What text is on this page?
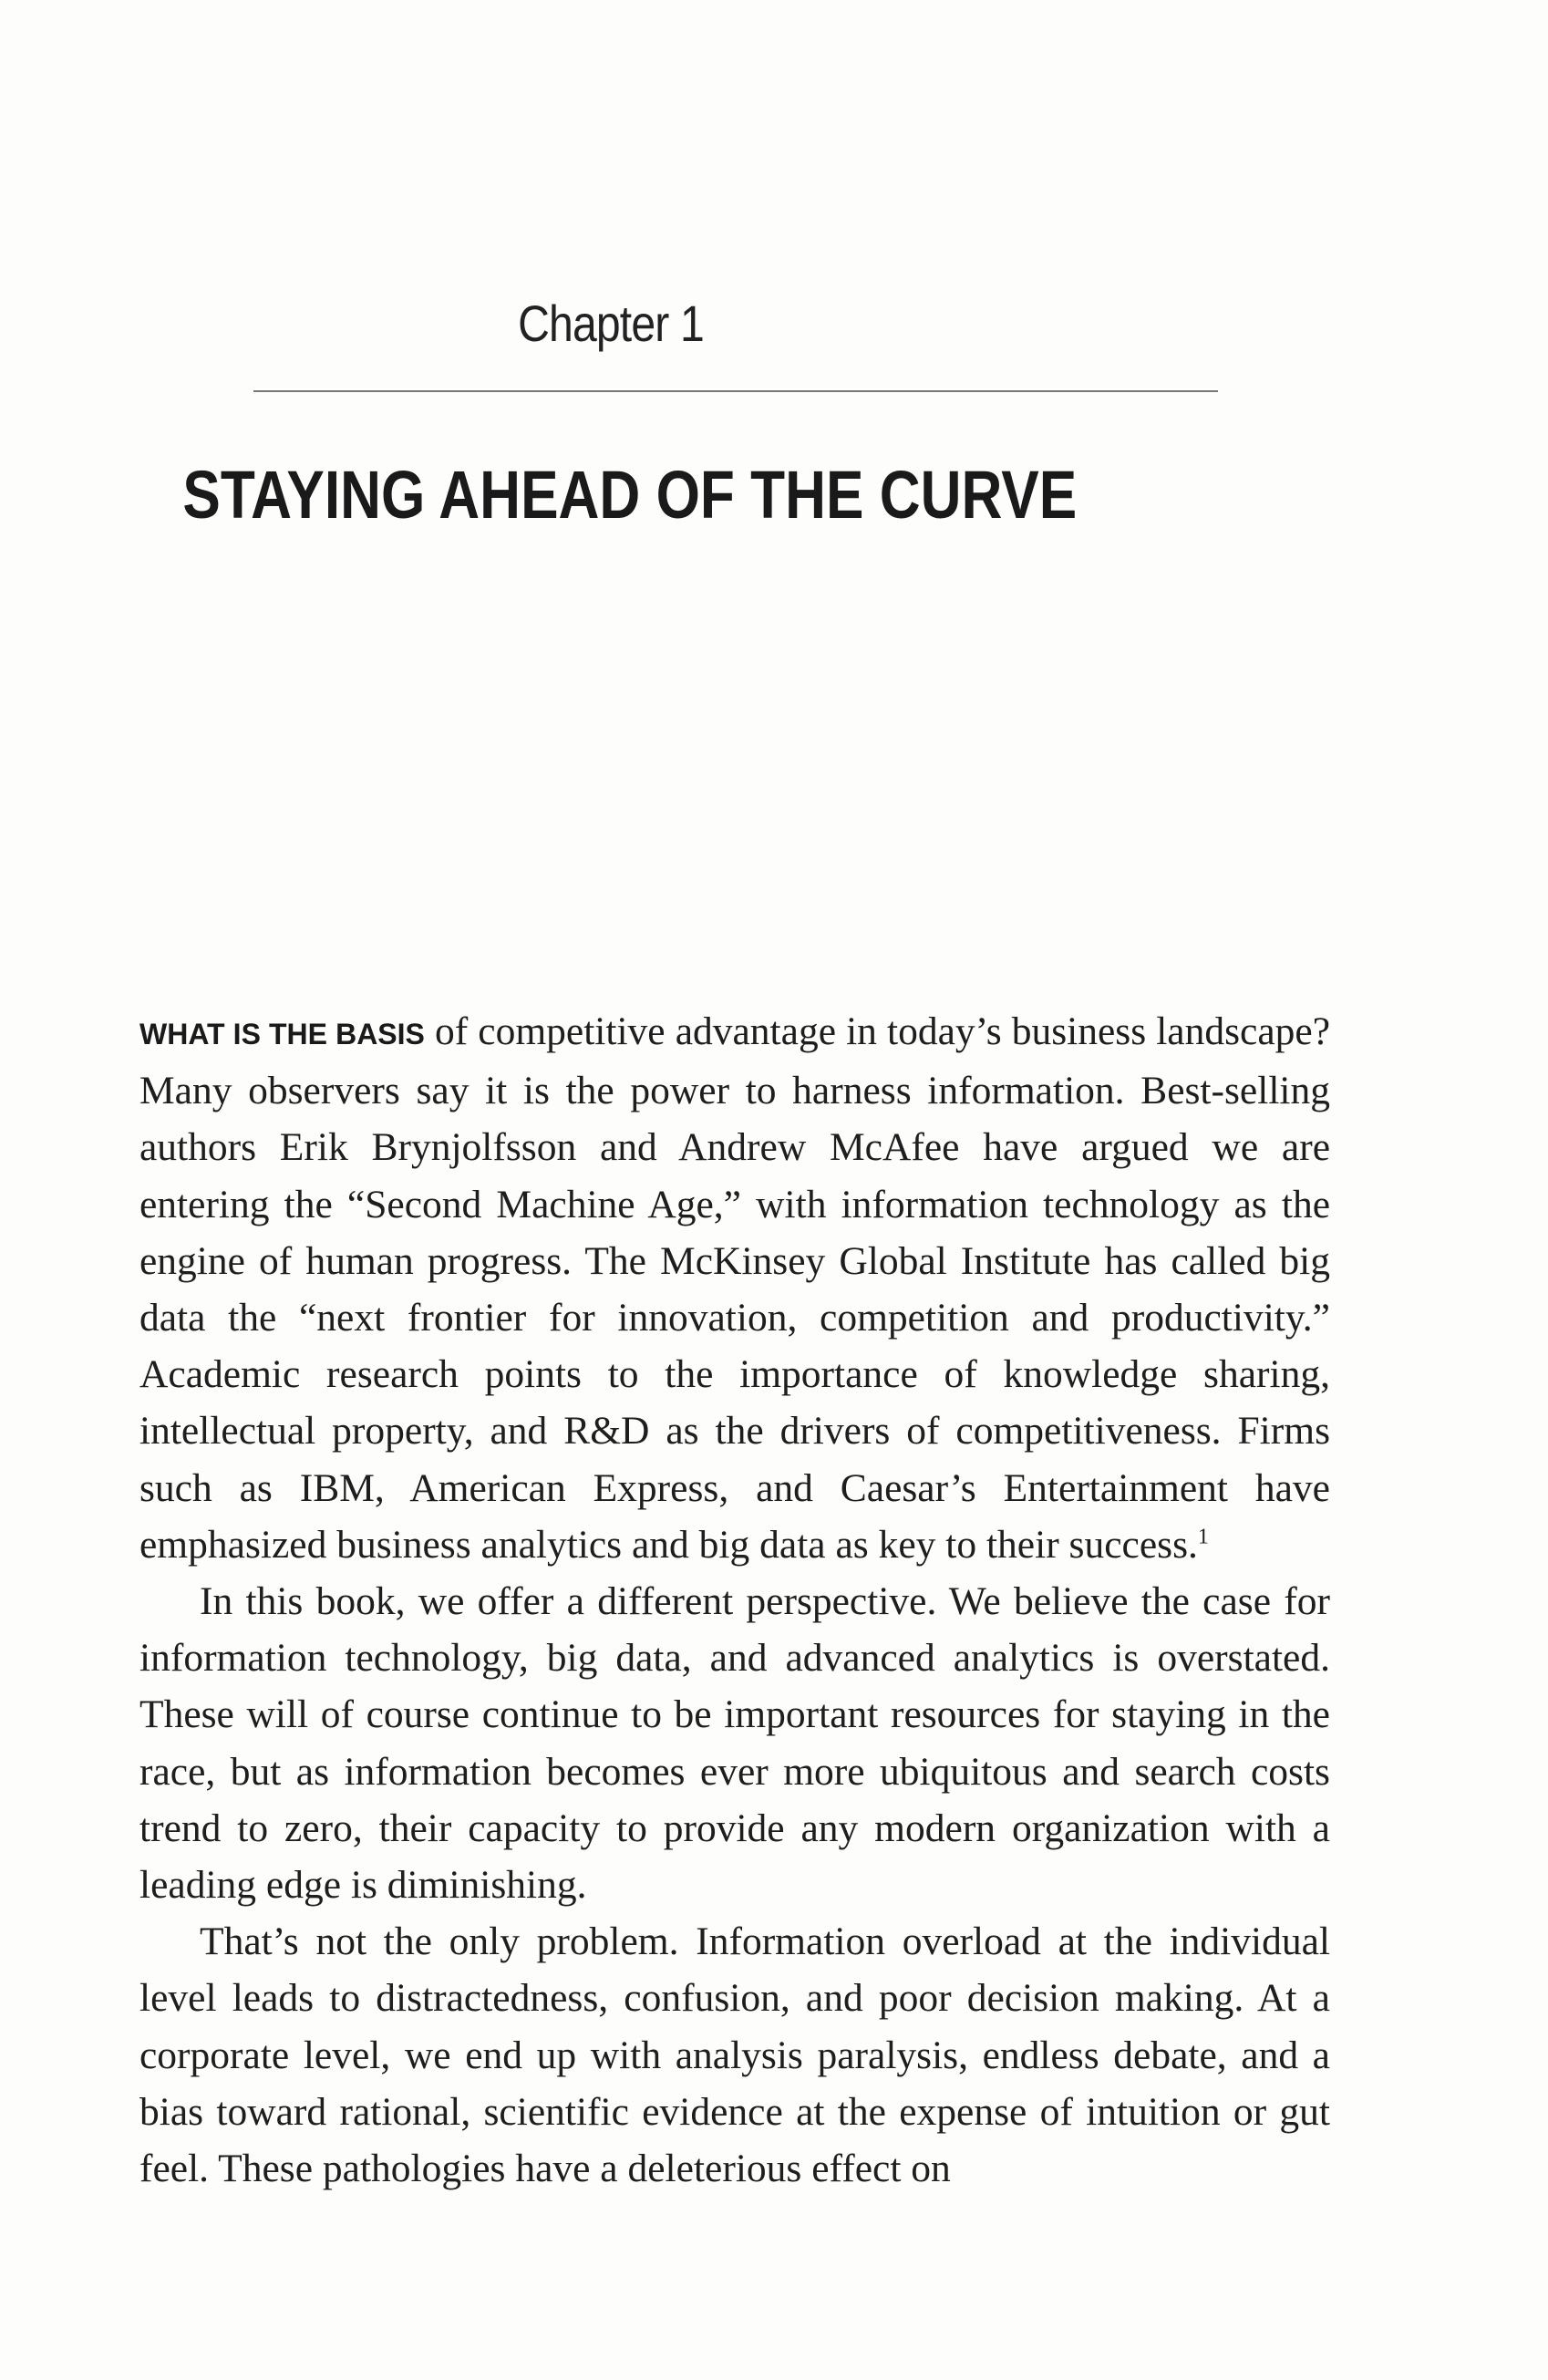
Chapter 1
STAYING AHEAD OF THE CURVE

WHAT IS THE BASIS of competitive advantage in today’s business landscape? Many observers say it is the power to harness information. Best-selling authors Erik Brynjolfsson and Andrew McAfee have argued we are entering the “Second Machine Age,” with information technology as the engine of human progress. The McKinsey Global Institute has called big data the “next frontier for innovation, competition and productivity.” Academic research points to the importance of knowledge sharing, intellectual property, and R&D as the drivers of competitiveness. Firms such as IBM, American Express, and Caesar’s Entertainment have emphasized business analytics and big data as key to their success.$^1$

In this book, we offer a different perspective. We believe the case for information technology, big data, and advanced analytics is overstated. These will of course continue to be important resources for staying in the race, but as information becomes ever more ubiquitous and search costs trend to zero, their capacity to provide any modern organization with a leading edge is diminishing.

That’s not the only problem. Information overload at the individual level leads to distractedness, confusion, and poor decision making. At a corporate level, we end up with analysis paralysis, endless debate, and a bias toward rational, scientific evidence at the expense of intuition or gut feel. These pathologies have a deleterious effect on
